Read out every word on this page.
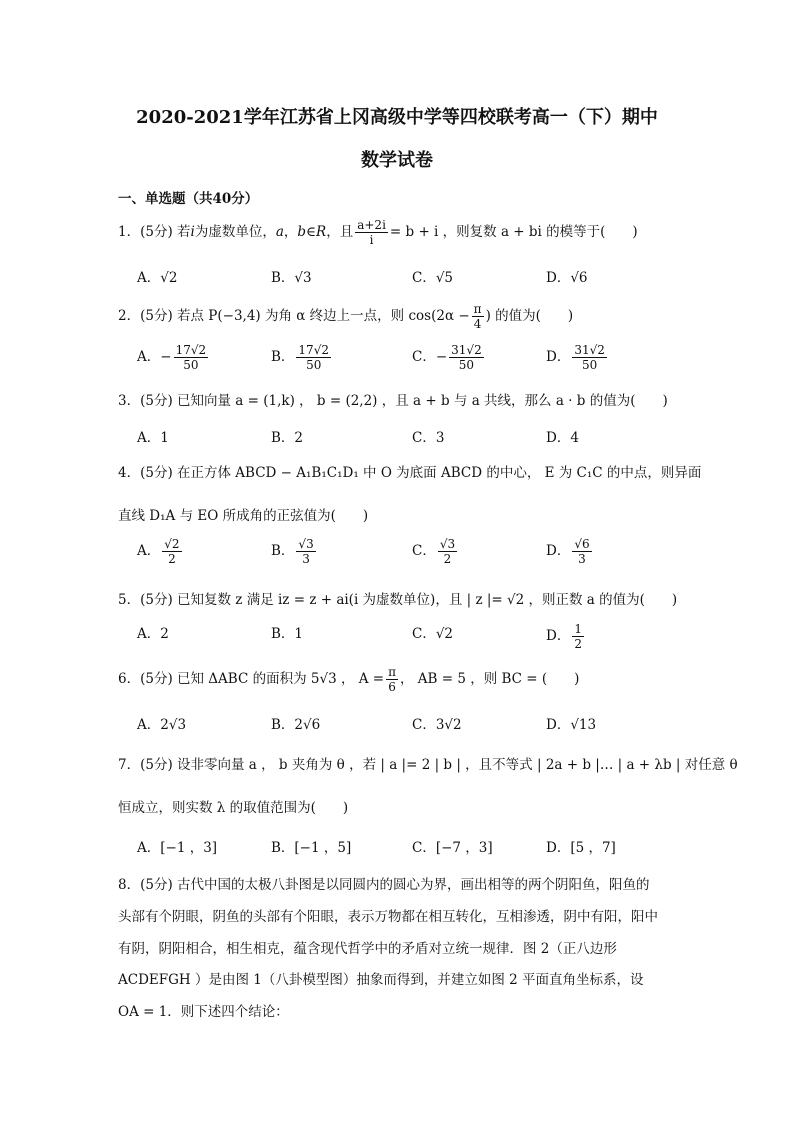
2020-2021学年江苏省上冈高级中学等四校联考高一（下）期中
数学试卷
一、单选题（共40分）
1．(5分) 若i为虚数单位，a，b∈R，且 $\frac{a+2i}{i} = b + i$ ，则复数 a + bi 的模等于(　　)
A．√2	B．√3	C．√5	D．√6
2．(5分) 若点 P(−3,4) 为角 α 终边上一点，则 $\cos(2\alpha - \frac{\pi}{4}$ ) 的值为(　　)
A．− $\frac{17√2}{50}$	B． $\frac{17√2}{50}$	C．− $\frac{31√2}{50}$	D． $\frac{31√2}{50}$
3．(5分) 已知向量 a = (1,k) ， b = (2,2) ，且 a + b 与 a 共线，那么 a · b 的值为(　　)
A．1	B．2	C．3	D．4
4．(5分) 在正方体 ABCD − A₁B₁C₁D₁ 中 O 为底面 ABCD 的中心， E 为 C₁C 的中点，则异面
直线 D₁A 与 EO 所成角的正弦值为(　　)
A． $\frac{√2}{2}$	B． $\frac{√3}{3}$	C． $\frac{√3}{2}$	D． $\frac{√6}{3}$
5．(5分) 已知复数 z 满足 iz = z + ai(i 为虚数单位)，且 | z |= √2 ，则正数 a 的值为(　　)
A．2	B．1	C．√2	D． $\frac{1}{2}$
6．(5分) 已知 ΔABC 的面积为 5√3 ， $A = \frac{\pi}{6}$ ， AB = 5 ，则 BC = (　　)
A．2√3	B．2√6	C．3√2	D．√13
7．(5分) 设非零向量 a ， b 夹角为 θ ，若 | a |= 2 | b | ，且不等式 | 2a + b |… | a + λb | 对任意 θ
恒成立，则实数 λ 的取值范围为(　　)
A．[−1 ，3]	B．[−1 ，5]	C．[−7 ，3]	D．[5 ，7]
8．(5分) 古代中国的太极八卦图是以同圆内的圆心为界，画出相等的两个阴阳鱼，阳鱼的
头部有个阴眼，阴鱼的头部有个阳眼，表示万物都在相互转化，互相渗透，阴中有阳，阳中
有阴，阴阳相合，相生相克，蕴含现代哲学中的矛盾对立统一规律．图 2（正八边形
ACDEFGH ）是由图 1（八卦模型图）抽象而得到，并建立如图 2 平面直角坐标系，设
OA = 1．则下述四个结论：
